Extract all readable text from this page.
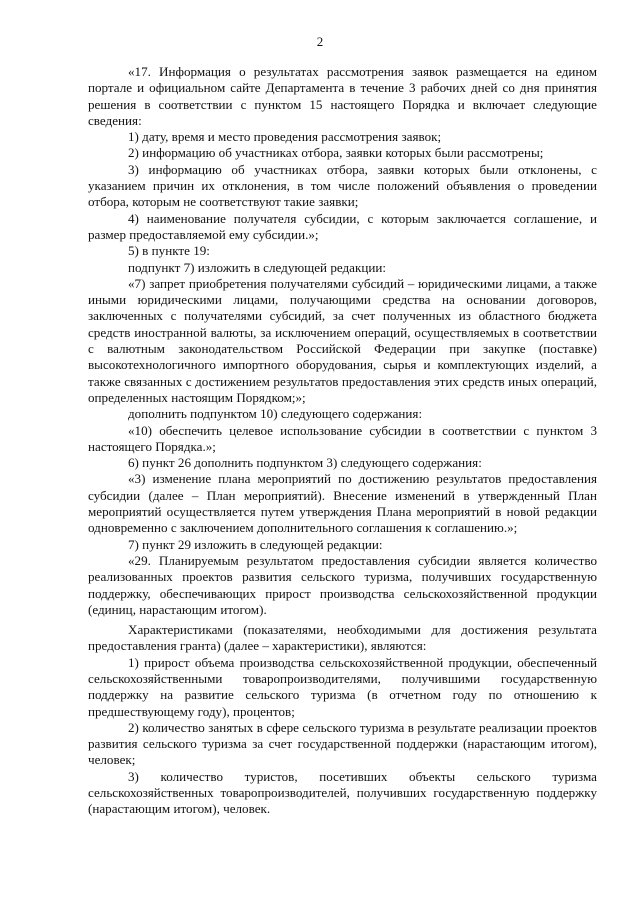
2

«17. Информация о результатах рассмотрения заявок размещается на едином портале и официальном сайте Департамента в течение 3 рабочих дней со дня принятия решения в соответствии с пунктом 15 настоящего Порядка и включает следующие сведения:

1) дату, время и место проведения рассмотрения заявок;

2) информацию об участниках отбора, заявки которых были рассмотрены;

3) информацию об участниках отбора, заявки которых были отклонены, с указанием причин их отклонения, в том числе положений объявления о проведении отбора, которым не соответствуют такие заявки;

4) наименование получателя субсидии, с которым заключается соглашение, и размер предоставляемой ему субсидии.»;

5) в пункте 19:

подпункт 7) изложить в следующей редакции:

«7) запрет приобретения получателями субсидий – юридическими лицами, а также иными юридическими лицами, получающими средства на основании договоров, заключенных с получателями субсидий, за счет полученных из областного бюджета средств иностранной валюты, за исключением операций, осуществляемых в соответствии с валютным законодательством Российской Федерации при закупке (поставке) высокотехнологичного импортного оборудования, сырья и комплектующих изделий, а также связанных с достижением результатов предоставления этих средств иных операций, определенных настоящим Порядком;»;

дополнить подпунктом 10) следующего содержания:

«10) обеспечить целевое использование субсидии в соответствии с пунктом 3 настоящего Порядка.»;

6) пункт 26 дополнить подпунктом 3) следующего содержания:

«3) изменение плана мероприятий по достижению результатов предоставления субсидии (далее – План мероприятий). Внесение изменений в утвержденный План мероприятий осуществляется путем утверждения Плана мероприятий в новой редакции одновременно с заключением дополнительного соглашения к соглашению.»;

7) пункт 29 изложить в следующей редакции:

«29. Планируемым результатом предоставления субсидии является количество реализованных проектов развития сельского туризма, получивших государственную поддержку, обеспечивающих прирост производства сельскохозяйственной продукции (единиц, нарастающим итогом).

Характеристиками (показателями, необходимыми для достижения результата предоставления гранта) (далее – характеристики), являются:

1) прирост объема производства сельскохозяйственной продукции, обеспеченный сельскохозяйственными товаропроизводителями, получившими государственную поддержку на развитие сельского туризма (в отчетном году по отношению к предшествующему году), процентов;

2) количество занятых в сфере сельского туризма в результате реализации проектов развития сельского туризма за счет государственной поддержки (нарастающим итогом), человек;

3) количество туристов, посетивших объекты сельского туризма сельскохозяйственных товаропроизводителей, получивших государственную поддержку (нарастающим итогом), человек.
